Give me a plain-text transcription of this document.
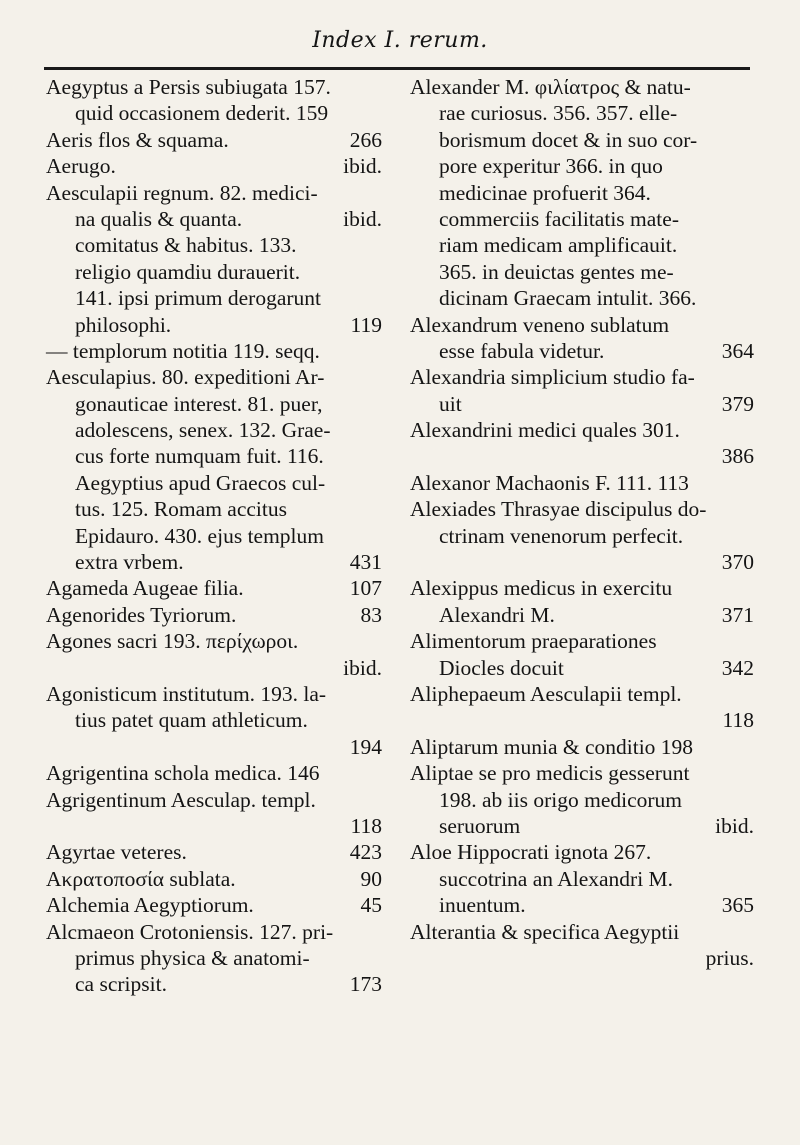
Index I. rerum.
Aegyptus a Persis subiugata 157.
quid occasionem dederit. 159
Aeris flos & squama.	266
Aerugo.	ibid.
Aesculapii regnum. 82. medici-
na qualis & quanta.	ibid.
comitatus & habitus. 133.
religio quamdiu durauerit.
141. ipsi primum derogarunt
philosophi.	119
— templorum notitia 119. seqq.
Aesculapius. 80. expeditioni Ar-
gonauticae interest. 81. puer,
adolescens, senex. 132. Grae-
cus forte numquam fuit. 116.
Aegyptius apud Graecos cul-
tus. 125. Romam accitus
Epidauro. 430. ejus templum
extra vrbem.	431
Agameda Augeae filia.	107
Agenorides Tyriorum.	83
Agones sacri 193. περίχωροι.
ibid.
Agonisticum institutum. 193. la-
tius patet quam athleticum.
194
Agrigentina schola medica. 146
Agrigentinum Aesculap. templ.
118
Agyrtae veteres.	423
Ακρατοπoσία sublata.	90
Alchemia Aegyptiorum.	45
Alcmaeon Crotoniensis. 127. pri-
primus physica & anatomi-
ca scripsit.	173
Alexander M. φιλίατρος & natu-
rae curiosus. 356. 357. elle-
borismum docet & in suo cor-
pore experitur 366. in quo
medicinae profuerit 364.
commerciis facilitatis mate-
riam medicam amplificauit.
365. in deuictas gentes me-
dicinam Graecam intulit. 366.
Alexandrum veneno sublatum
esse fabula videtur.	364
Alexandria simplicium studio fa-
uit	379
Alexandrini medici quales 301.
386
Alexanor Machaonis F. 111. 113
Alexiades Thrasyae discipulus do-
ctrinam venenorum perfecit.
370
Alexippus medicus in exercitu
Alexandri M.	371
Alimentorum praeparationes
Diocles docuit	342
Aliphераeum Aesculapii templ.
118
Aliptarum munia & conditio 198
Aliptae se pro medicis gesserunt
198. ab iis origo medicorum
seruorum	ibid.
Aloe Hippocrati ignota 267.
succotrina an Alexandri M.
inuentum.	365
Alterantia & specifica Aegyptii
prius.
